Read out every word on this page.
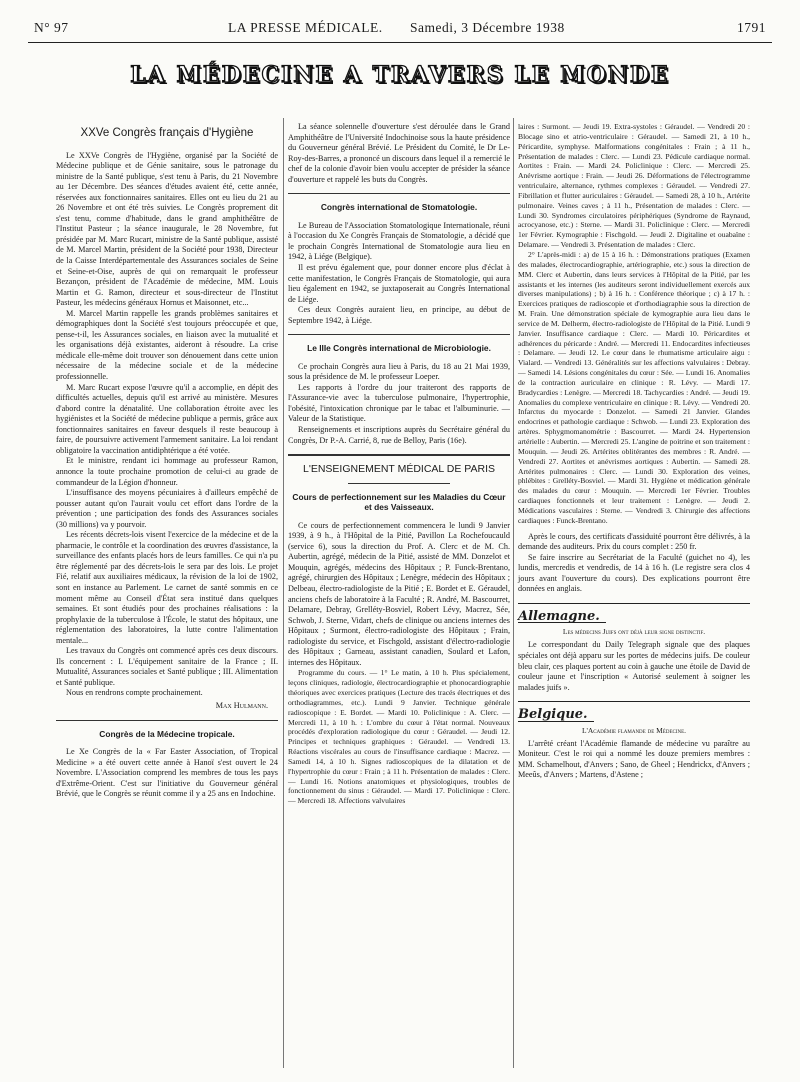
N° 97	LA PRESSE MÉDICALE. Samedi, 3 Décembre 1938	1791
LA MÉDECINE A TRAVERS LE MONDE
XXVe Congrès français d'Hygiène

Le XXVe Congrès de l'Hygiène, organisé par la Société de Médecine publique et de Génie sanitaire, sous le patronage du ministre de la Santé publique, s'est tenu à Paris, du 21 Novembre au 1er Décembre. Des séances d'études avaient été, cette année, réservées aux fonctionnaires sanitaires. Elles ont eu lieu du 21 au 26 Novembre et ont été très suivies. Le Congrès proprement dit s'est tenu, comme d'habitude, dans le grand amphithéâtre de l'Institut Pasteur ; la séance inaugurale, le 28 Novembre, fut présidée par M. Marc Rucart, ministre de la Santé publique, assisté de M. Marcel Martin, président de la Société pour 1938, Directeur de la Caisse Interdépartementale des Assurances sociales de Seine et Seine-et-Oise, auprès de qui on remarquait le professeur Bezançon, président de l'Académie de médecine, MM. Louis Martin et G. Ramon, directeur et sous-directeur de l'Institut Pasteur, les médecins généraux Hornus et Maisonnet, etc...

M. Marcel Martin rappelle les grands problèmes sanitaires et démographiques dont la Société s'est toujours préoccupée et que, pense-t-il, les Assurances sociales, en liaison avec la mutualité et les organisations déjà existantes, aideront à résoudre. La crise médicale elle-même doit trouver son dénouement dans cette union nécessaire de la médecine sociale et de la médecine professionnelle.

M. Marc Rucart expose l'œuvre qu'il a accomplie, en dépit des difficultés actuelles, depuis qu'il est arrivé au ministère. Mesures d'abord contre la dénatalité. Une collaboration étroite avec les hygiénistes et la Société de médecine publique a permis, grâce aux fonctionnaires sanitaires en faveur desquels il reste beaucoup à faire, de poursuivre activement l'armement sanitaire. La loi rendant obligatoire la vaccination antidiphtérique a été votée.

Et le ministre, rendant ici hommage au professeur Ramon, annonce la toute prochaine promotion de celui-ci au grade de commandeur de la Légion d'honneur.

L'insuffisance des moyens pécuniaires à d'ailleurs empêché de pousser autant qu'on l'aurait voulu cet effort dans l'ordre de la prévention ; une participation des fonds des Assurances sociales (30 millions) va y pourvoir.

Les récents décrets-lois visent l'exercice de la médecine et de la pharmacie, le contrôle et la coordination des œuvres d'assistance, la surveillance des enfants placés hors de leurs familles. Ce qui n'a pu être réglementé par des décrets-lois le sera par des lois. Le projet Fié, relatif aux auxiliaires médicaux, la révision de la loi de 1902, sont en instance au Parlement. Le carnet de santé sommis en ce moment même au Conseil d'État sera institué dans quelques semaines. Et sont étudiés pour des prochaines réalisations : la prophylaxie de la tuberculose à l'École, le statut des hôpitaux, une réglementation des laboratoires, la lutte contre l'alimentation mentale...

Les travaux du Congrès ont commencé après ces deux discours. Ils concernent : I. L'équipement sanitaire de la France ; II. Mutualité, Assurances sociales et Santé publique ; III. Alimentation et Santé publique.

Nous en rendrons compte prochainement.

Max Hulmann.
Congrès de la Médecine tropicale.

Le Xe Congrès de la « Far Easter Association, of Tropical Medicine » a été ouvert cette année à Hanoï s'est ouvert le 24 Novembre. L'Association comprend les membres de tous les pays d'Extrême-Orient. C'est sur l'initiative du Gouverneur général Brévié, que le Congrès se réunit comme il y a 25 ans en Indochine.

La séance solennelle d'ouverture s'est déroulée dans le Grand Amphithéâtre de l'Université Indochinoise sous la haute présidence du Gouverneur général Brévié. Le Président du Comité, le Dr Le-Roy-des-Barres, a prononcé un discours dans lequel il a remercié le chef de la colonie d'avoir bien voulu accepter de présider la séance d'ouverture et rappelé les buts du Congrès.

Congrès international de Stomatologie.

Le Bureau de l'Association Stomatologique Internationale, réuni à l'occasion du Xe Congrès Français de Stomatologie, a décidé que le prochain Congrès International de Stomatologie aura lieu en 1942, à Liége (Belgique).

Il est prévu également que, pour donner encore plus d'éclat à cette manifestation, le Congrès Français de Stomatologie, qui aura lieu également en 1942, se juxtaposerait au Congrès International de Liége.

Ces deux Congrès auraient lieu, en principe, au début de Septembre 1942, à Liége.

Le IIIe Congrès international de Microbiologie.

Ce prochain Congrès aura lieu à Paris, du 18 au 21 Mai 1939, sous la présidence de M. le professeur Loeper.

Les rapports à l'ordre du jour traiteront des rapports de l'Assurance-vie avec la tuberculose pulmonaire, l'hypertrophie, l'obésité, l'intoxication chronique par le tabac et l'albuminurie. — Valeur de la Statistique.

Renseignements et inscriptions auprès du Secrétaire général du Congrès, Dr P.-A. Carrié, 8, rue de Belloy, Paris (16e).

L'ENSEIGNEMENT MÉDICAL DE PARIS
Cours de perfectionnement sur les Maladies du Cœur et des Vaisseaux.

Ce cours de perfectionnement commencera le lundi 9 Janvier 1939, à 9 h., à l'Hôpital de la Pitié, Pavillon La Rochefoucauld (service 6), sous la direction du Prof. A. Clerc et de M. Ch. Aubertin, agrégé, médecin de la Pitié, assisté de MM. Donzelot et Mouquin, agrégés, médecins des Hôpitaux ; P. Funck-Brentano, agrégé, chirurgien des Hôpitaux ; Lenègre, médecin des Hôpitaux ; Delbeau, électro-radiologiste de la Pitié ; E. Bordet et E. Géraudel, anciens chefs de laboratoire à la Faculté ; R. André, M. Bascourret, Delamare, Debray, Grelléty-Bosviel, Robert Lévy, Macrez, Sée, Schwob, J. Sterne, Vidart, chefs de clinique ou anciens internes des Hôpitaux ; Surmont, électro-radiologiste des Hôpitaux ; Frain, radiologiste du service, et Fischgold, assistant d'électro-radiologie des Hôpitaux ; Garneau, assistant canadien, Soulard et Lafon, internes des Hôpitaux.

Programme du cours. — 1° Le matin, à 10 h. Plus spécialement, leçons cliniques, radiologie, électrocardiographie et phonocardiographie théoriques avec exercices pratiques (Lecture des tracés électriques et des orthodiagrammes, etc.). Lundi 9 Janvier. Technique générale radioscopique : E. Bordet. — Mardi 10. Policlinique : A. Clerc. — Mercredi 11, à 10 h. : L'ombre du cœur à l'état normal. Nouveaux procédés d'exploration radiologique du cœur : Géraudel. — Jeudi 12. Principes et techniques graphiques : Géraudel. — Vendredi 13. Réactions viscérales au cours de l'insuffisance cardiaque : Macrez. — Samedi 14, à 10 h. Signes radioscopiques de la dilatation et de l'hypertrophie du cœur : Frain ; à 11 h. Présentation de malades : Clerc. — Lundi 16. Notions anatomiques et physiologiques, troubles de fonctionnement du sinus : Géraudel. — Mardi 17. Policlinique : Clerc. — Mercredi 18. Affections valvulaires

laires : Surmont. — Jeudi 19. Extra-systoles : Géraudel. — Vendredi 20 : Blocage sino et atrio-ventriculaire : Géraudel. — Samedi 21, à 10 h., Péricardite, symphyse. Malformations congénitales : Frain ; à 11 h., Présentation de malades : Clerc. — Lundi 23. Pédicule cardiaque normal. Aortites : Frain. — Mardi 24. Policlinique : Clerc. — Mercredi 25. Anévrisme aortique : Frain. — Jeudi 26. Déformations de l'électrogramme ventriculaire, alternance, rythmes complexes : Géraudel. — Vendredi 27. Fibrillation et flutter auriculaires : Géraudel. — Samedi 28, à 10 h., Artérite pulmonaire. Veines caves ; à 11 h., Présentation de malades : Clerc. — Lundi 30. Syndromes circulatoires périphériques (Syndrome de Raynaud, acrocyanose, etc.) : Sterne. — Mardi 31. Policlinique : Clerc. — Mercredi 1er Février. Kymographie : Fischgold. — Jeudi 2. Digitaline et ouabaïne : Delamare. — Vendredi 3. Présentation de malades : Clerc.

2° L'après-midi : a) de 15 à 16 h. : Démonstrations pratiques (Examen des malades, électrocardiographie, artériographie, etc.) sous la direction de MM. Clerc et Aubertin, dans leurs services à l'Hôpital de la Pitié, par les assistants et les internes (les auditeurs seront individuellement exercés aux diverses manipulations) ; b) à 16 h. : Conférence théorique ; c) à 17 h. : Exercices pratiques de radioscopie et d'orthodiagraphie sous la direction de M. Frain. Une démonstration spéciale de kymographie aura lieu dans le service de M. Delherm, électro-radiologiste de l'Hôpital de la Pitié. Lundi 9 Janvier. Insuffisance cardiaque : Clerc. — Mardi 10. Péricardites et adhérences du péricarde : André. — Mercredi 11. Endocardites infectieuses : Delamare. — Jeudi 12. Le cœur dans le rhumatisme articulaire aigu : Vialard. — Vendredi 13. Généralités sur les affections valvulaires : Debray. — Samedi 14. Lésions congénitales du cœur : Sée. — Lundi 16. Anomalies de la contraction auriculaire en clinique : R. Lévy. — Mardi 17. Bradycardies : Lenègre. — Mercredi 18. Tachycardies : André. — Jeudi 19. Anomalies du complexe ventriculaire en clinique : R. Lévy. — Vendredi 20. Infarctus du myocarde : Donzelot. — Samedi 21 Janvier. Glandes endocrines et pathologie cardiaque : Schwob. — Lundi 23. Exploration des artères. Sphygmomanométrie : Bascourret. — Mardi 24. Hypertension artérielle : Aubertin. — Mercredi 25. L'angine de poitrine et son traitement : Mouquin. — Jeudi 26. Artérites oblitérantes des membres : R. André. — Vendredi 27. Aortites et anévrismes aortiques : Aubertin. — Samedi 28. Artérites pulmonaires : Clerc. — Lundi 30. Exploration des veines, phlébites : Grelléty-Bosviel. — Mardi 31. Hygiène et médication générale des malades du cœur : Mouquin. — Mercredi 1er Février. Troubles cardiaques fonctionnels et leur traitement : Lenègre. — Jeudi 2. Médications vasculaires : Sterne. — Vendredi 3. Chirurgie des affections cardiaques : Funck-Brentano.

Après le cours, des certificats d'assiduité pourront être délivrés, à la demande des auditeurs. Prix du cours complet : 250 fr.

Se faire inscrire au Secrétariat de la Faculté (guichet no 4), les lundis, mercredis et vendredis, de 14 à 16 h. (Le registre sera clos 4 jours avant l'ouverture du cours). Des explications pourront être données en anglais.

Allemagne.
Les médecins Juifs ont déjà leur signe distinctif.

Le correspondant du Daily Telegraph signale que des plaques spéciales ont déjà apparu sur les portes de médecins juifs. De couleur bleu clair, ces plaques portent au coin à gauche une étoile de David de couleur jaune et l'inscription « Autorisé seulement à soigner les malades juifs ».

Belgique.
L'Académie flamande de Médecine.

L'arrêté créant l'Académie flamande de médecine vu paraître au Moniteur. C'est le roi qui a nommé les douze premiers membres : MM. Schamelhout, d'Anvers ; Sano, de Gheel ; Hendrickx, d'Anvers ; Meeûs, d'Anvers ; Martens, d'Astene ;
